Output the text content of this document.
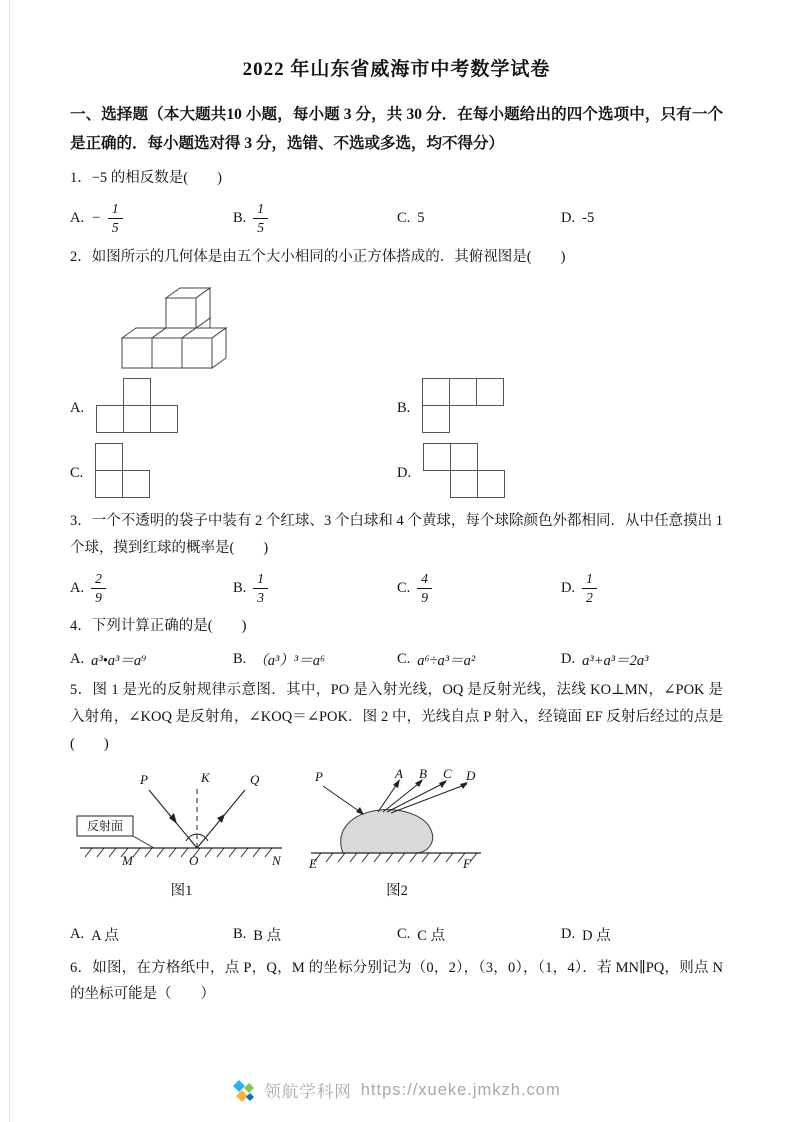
2022 年山东省威海市中考数学试卷

一、选择题（本大题共10 小题，每小题 3 分，共 30 分．在每小题给出的四个选项中，只有一个是正确的．每小题选对得 3 分，选错、不选或多选，均不得分）

1．−5 的相反数是(　　)

A. − $\frac{1}{5}$	B. $\frac{1}{5}$	C. 5	D. -5

2．如图所示的几何体是由五个大小相同的小正方体搭成的．其俯视图是(　　)

A.	B.
C.	D.

3．一个不透明的袋子中装有 2 个红球、3 个白球和 4 个黄球，每个球除颜色外都相同．从中任意摸出 1 个球，摸到红球的概率是(　　)

A. $\frac{2}{9}$	B. $\frac{1}{3}$	C. $\frac{4}{9}$	D. $\frac{1}{2}$

4．下列计算正确的是(　　)

A. a³•a³＝a⁹	B. （a³）³＝a⁶	C. a⁶÷a³＝a²	D. a³+a³＝2a³

5．图 1 是光的反射规律示意图．其中，PO 是入射光线，OQ 是反射光线，法线 KO⊥MN，∠POK 是入射角，∠KOQ 是反射角，∠KOQ＝∠POK．图 2 中，光线自点 P 射入，经镜面 EF 反射后经过的点是(　　)

反射面
P	K	Q
M	O	N
图1
P	A B C D
E	F
图2
A. A 点	B. B 点	C. C 点	D. D 点

6．如图，在方格纸中，点 P，Q，M 的坐标分别记为（0，2），（3，0），（1，4）．若 MN∥PQ，则点 N 的坐标可能是（　　）

领航学科网 https://xueke.jmkzh.com
